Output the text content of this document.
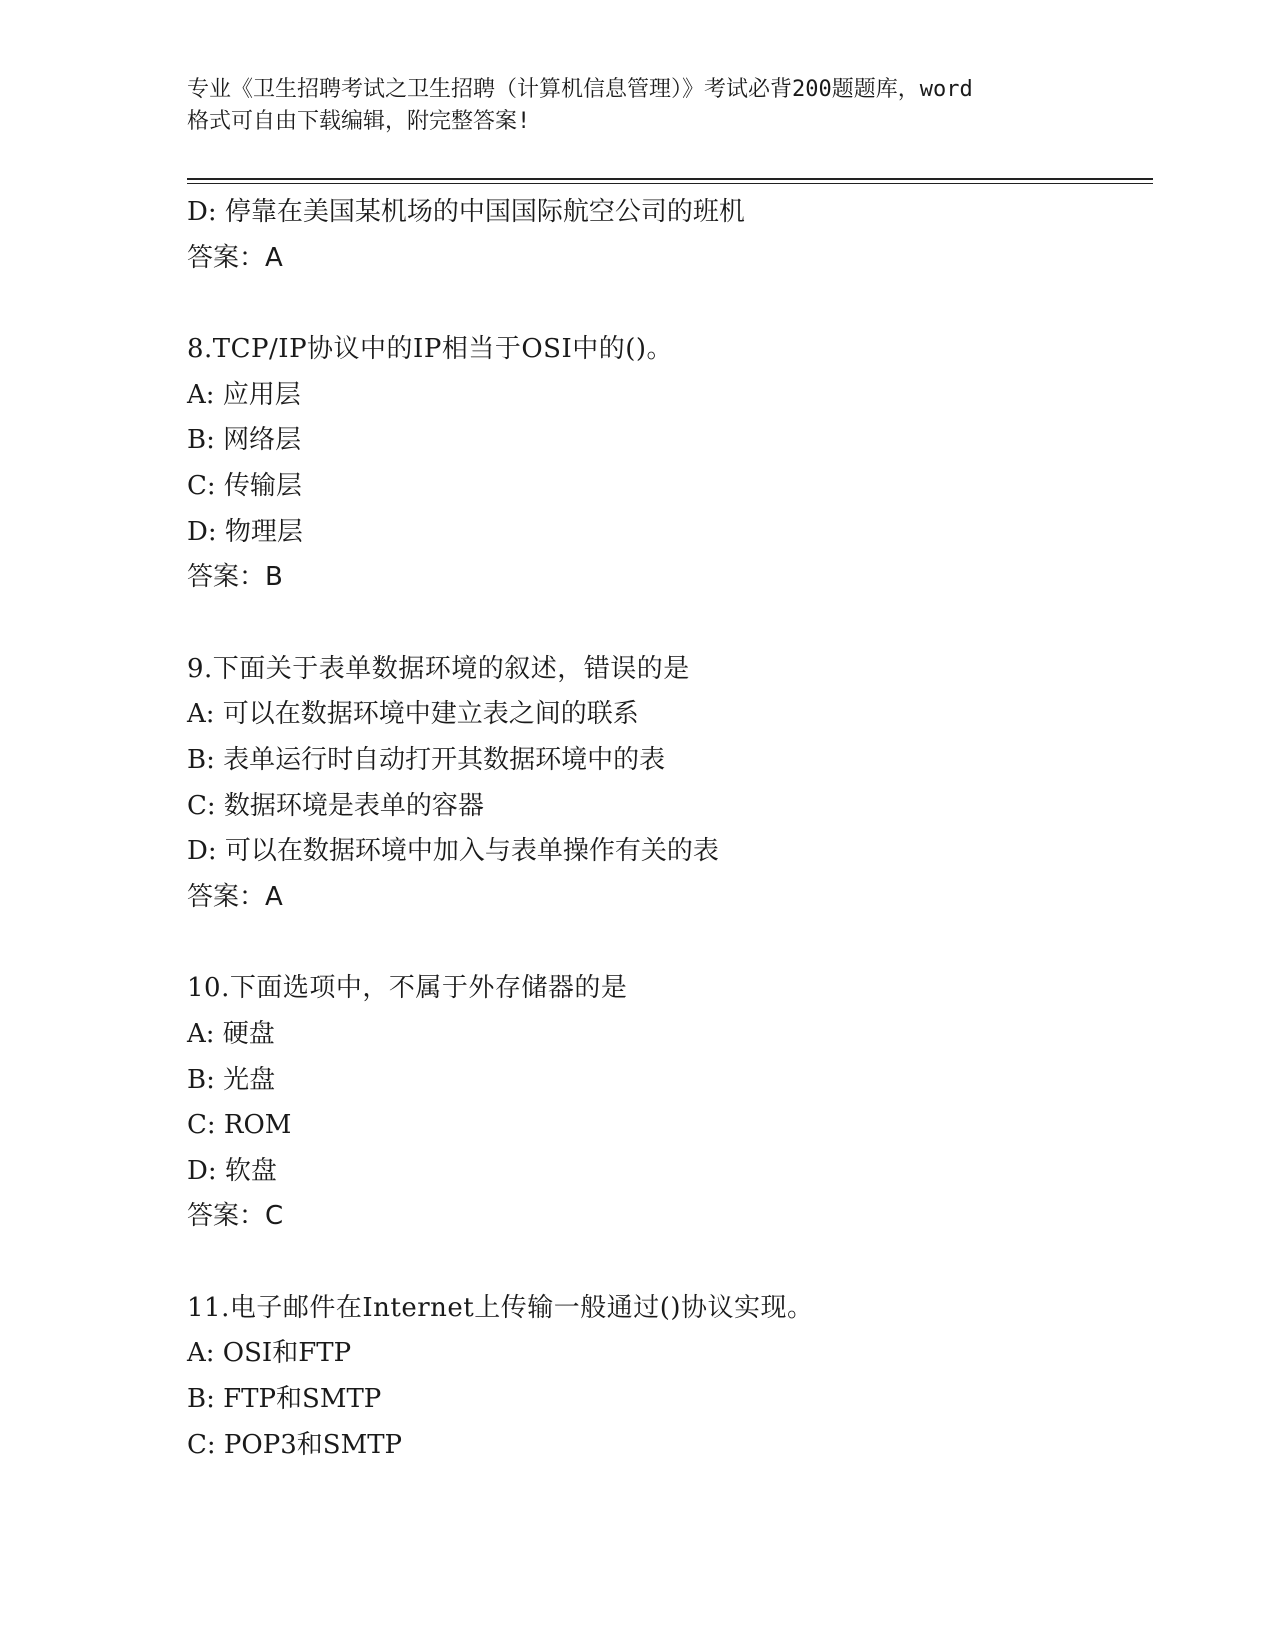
专业《卫生招聘考试之卫生招聘（计算机信息管理）》考试必背200题题库，word
格式可自由下载编辑，附完整答案!
D: 停靠在美国某机场的中国国际航空公司的班机
答案：A
8.TCP/IP协议中的IP相当于OSI中的()。
A: 应用层
B: 网络层
C: 传输层
D: 物理层
答案：B
9.下面关于表单数据环境的叙述，错误的是
A: 可以在数据环境中建立表之间的联系
B: 表单运行时自动打开其数据环境中的表
C: 数据环境是表单的容器
D: 可以在数据环境中加入与表单操作有关的表
答案：A
10.下面选项中，不属于外存储器的是
A: 硬盘
B: 光盘
C: ROM
D: 软盘
答案：C
11.电子邮件在Internet上传输一般通过()协议实现。
A: OSI和FTP
B: FTP和SMTP
C: POP3和SMTP
